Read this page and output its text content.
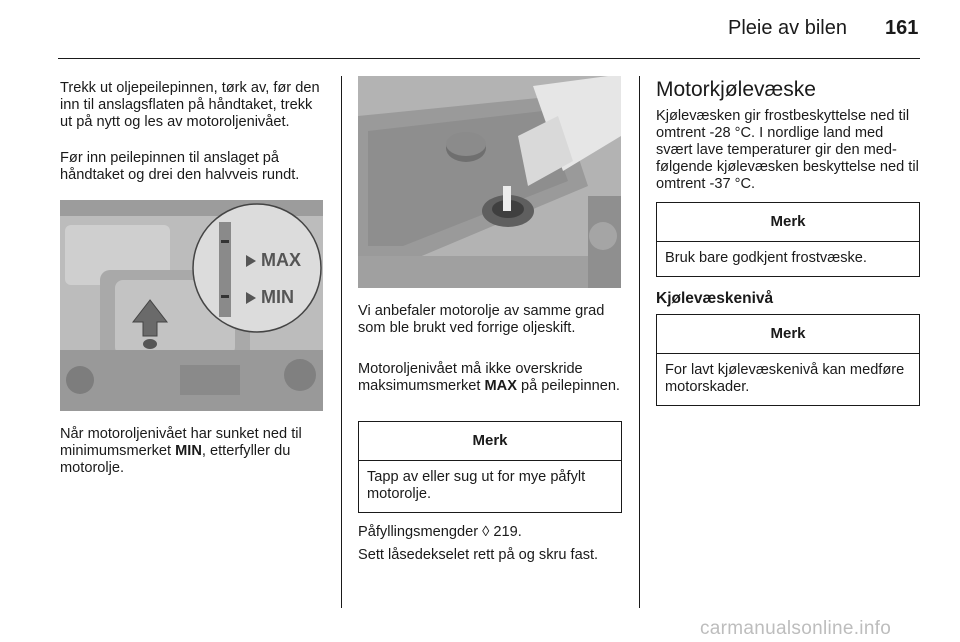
Pleie av bilen 161

Trekk ut oljepeilepinnen, tørk av, før den inn til anslagsflaten på håndtaket, trekk ut på nytt og les av motoroljenivået.

Før inn peilepinnen til anslaget på håndtaket og drei den halvveis rundt.

MAX
MIN

Når motoroljenivået har sunket ned til minimumsmerket MIN, etterfyller du motorolje.

Vi anbefaler motorolje av samme grad som ble brukt ved forrige oljeskift.

Motoroljenivået må ikke overskride maksimumsmerket MAX på peilepinnen.

Merk
Tapp av eller sug ut for mye påfylt motorolje.

Påfyllingsmengder ◊ 219.

Sett låsedekselet rett på og skru fast.

Motorkjølevæske

Kjølevæsken gir frostbeskyttelse ned til omtrent -28 °C. I nordlige land med svært lave temperaturer gir den medfølgende kjølevæsken beskyttelse ned til omtrent -37 °C.

Merk
Bruk bare godkjent frostvæske.
Kjølevæskenivå
Merk
For lavt kjølevæskenivå kan medføre motorskader.
carmanualsonline.info
